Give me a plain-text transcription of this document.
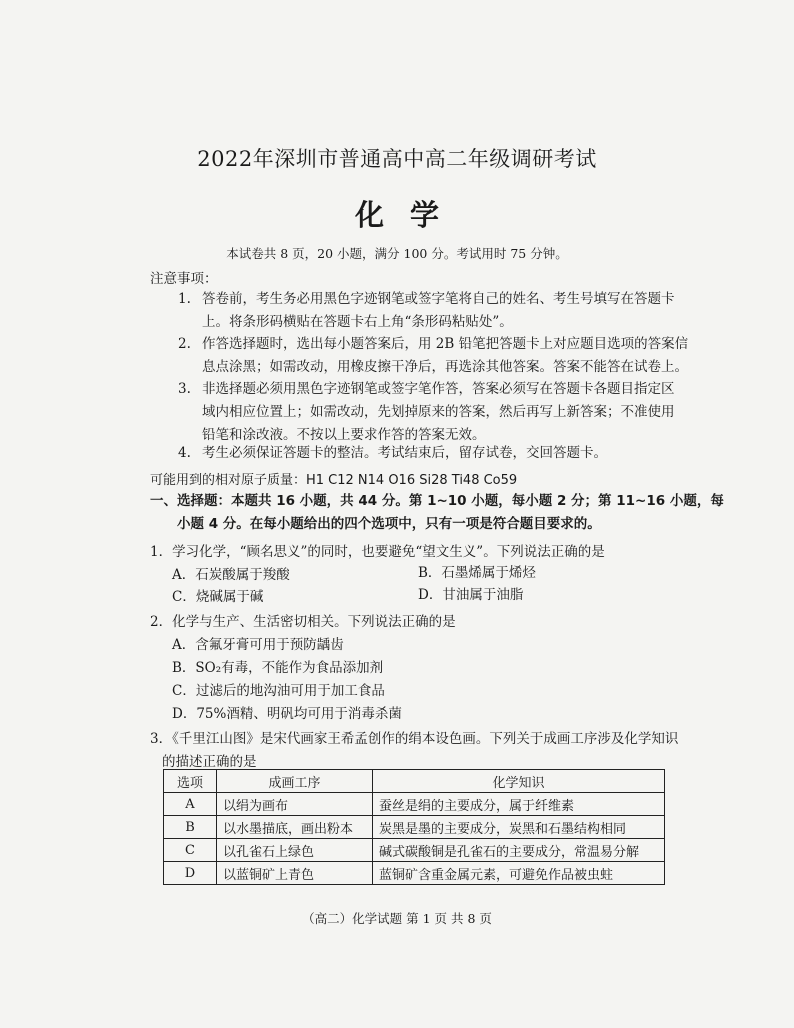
2022年深圳市普通高中高二年级调研考试
化学
本试卷共 8 页，20 小题，满分 100 分。考试用时 75 分钟。
注意事项：
1. 答卷前，考生务必用黑色字迹钢笔或签字笔将自己的姓名、考生号填写在答题卡
上。将条形码横贴在答题卡右上角“条形码粘贴处”。
2. 作答选择题时，选出每小题答案后，用 2B 铅笔把答题卡上对应题目选项的答案信
息点涂黑；如需改动，用橡皮擦干净后，再选涂其他答案。答案不能答在试卷上。
3. 非选择题必须用黑色字迹钢笔或签字笔作答，答案必须写在答题卡各题目指定区
域内相应位置上；如需改动，先划掉原来的答案，然后再写上新答案；不准使用
铅笔和涂改液。不按以上要求作答的答案无效。
4. 考生必须保证答题卡的整洁。考试结束后，留存试卷，交回答题卡。
可能用到的相对原子质量：H1 C12 N14 O16 Si28 Ti48 Co59
一、选择题：本题共 16 小题，共 44 分。第 1~10 小题，每小题 2 分；第 11~16 小题，每
小题 4 分。在每小题给出的四个选项中，只有一项是符合题目要求的。
1．学习化学，“顾名思义”的同时，也要避免“望文生义”。下列说法正确的是
A．石炭酸属于羧酸	B．石墨烯属于烯烃
C．烧碱属于碱	D．甘油属于油脂
2．化学与生产、生活密切相关。下列说法正确的是
A．含氟牙膏可用于预防龋齿
B．SO₂有毒，不能作为食品添加剂
C．过滤后的地沟油可用于加工食品
D．75%酒精、明矾均可用于消毒杀菌
3．《千里江山图》是宋代画家王希孟创作的绢本设色画。下列关于成画工序涉及化学知识
的描述正确的是
选项	成画工序	化学知识
A	以绢为画布	蚕丝是绢的主要成分，属于纤维素
B	以水墨描底，画出粉本	炭黑是墨的主要成分，炭黑和石墨结构相同
C	以孔雀石上绿色	碱式碳酸铜是孔雀石的主要成分，常温易分解
D	以蓝铜矿上青色	蓝铜矿含重金属元素，可避免作品被虫蛀
（高二）化学试题 第 1 页 共 8 页
